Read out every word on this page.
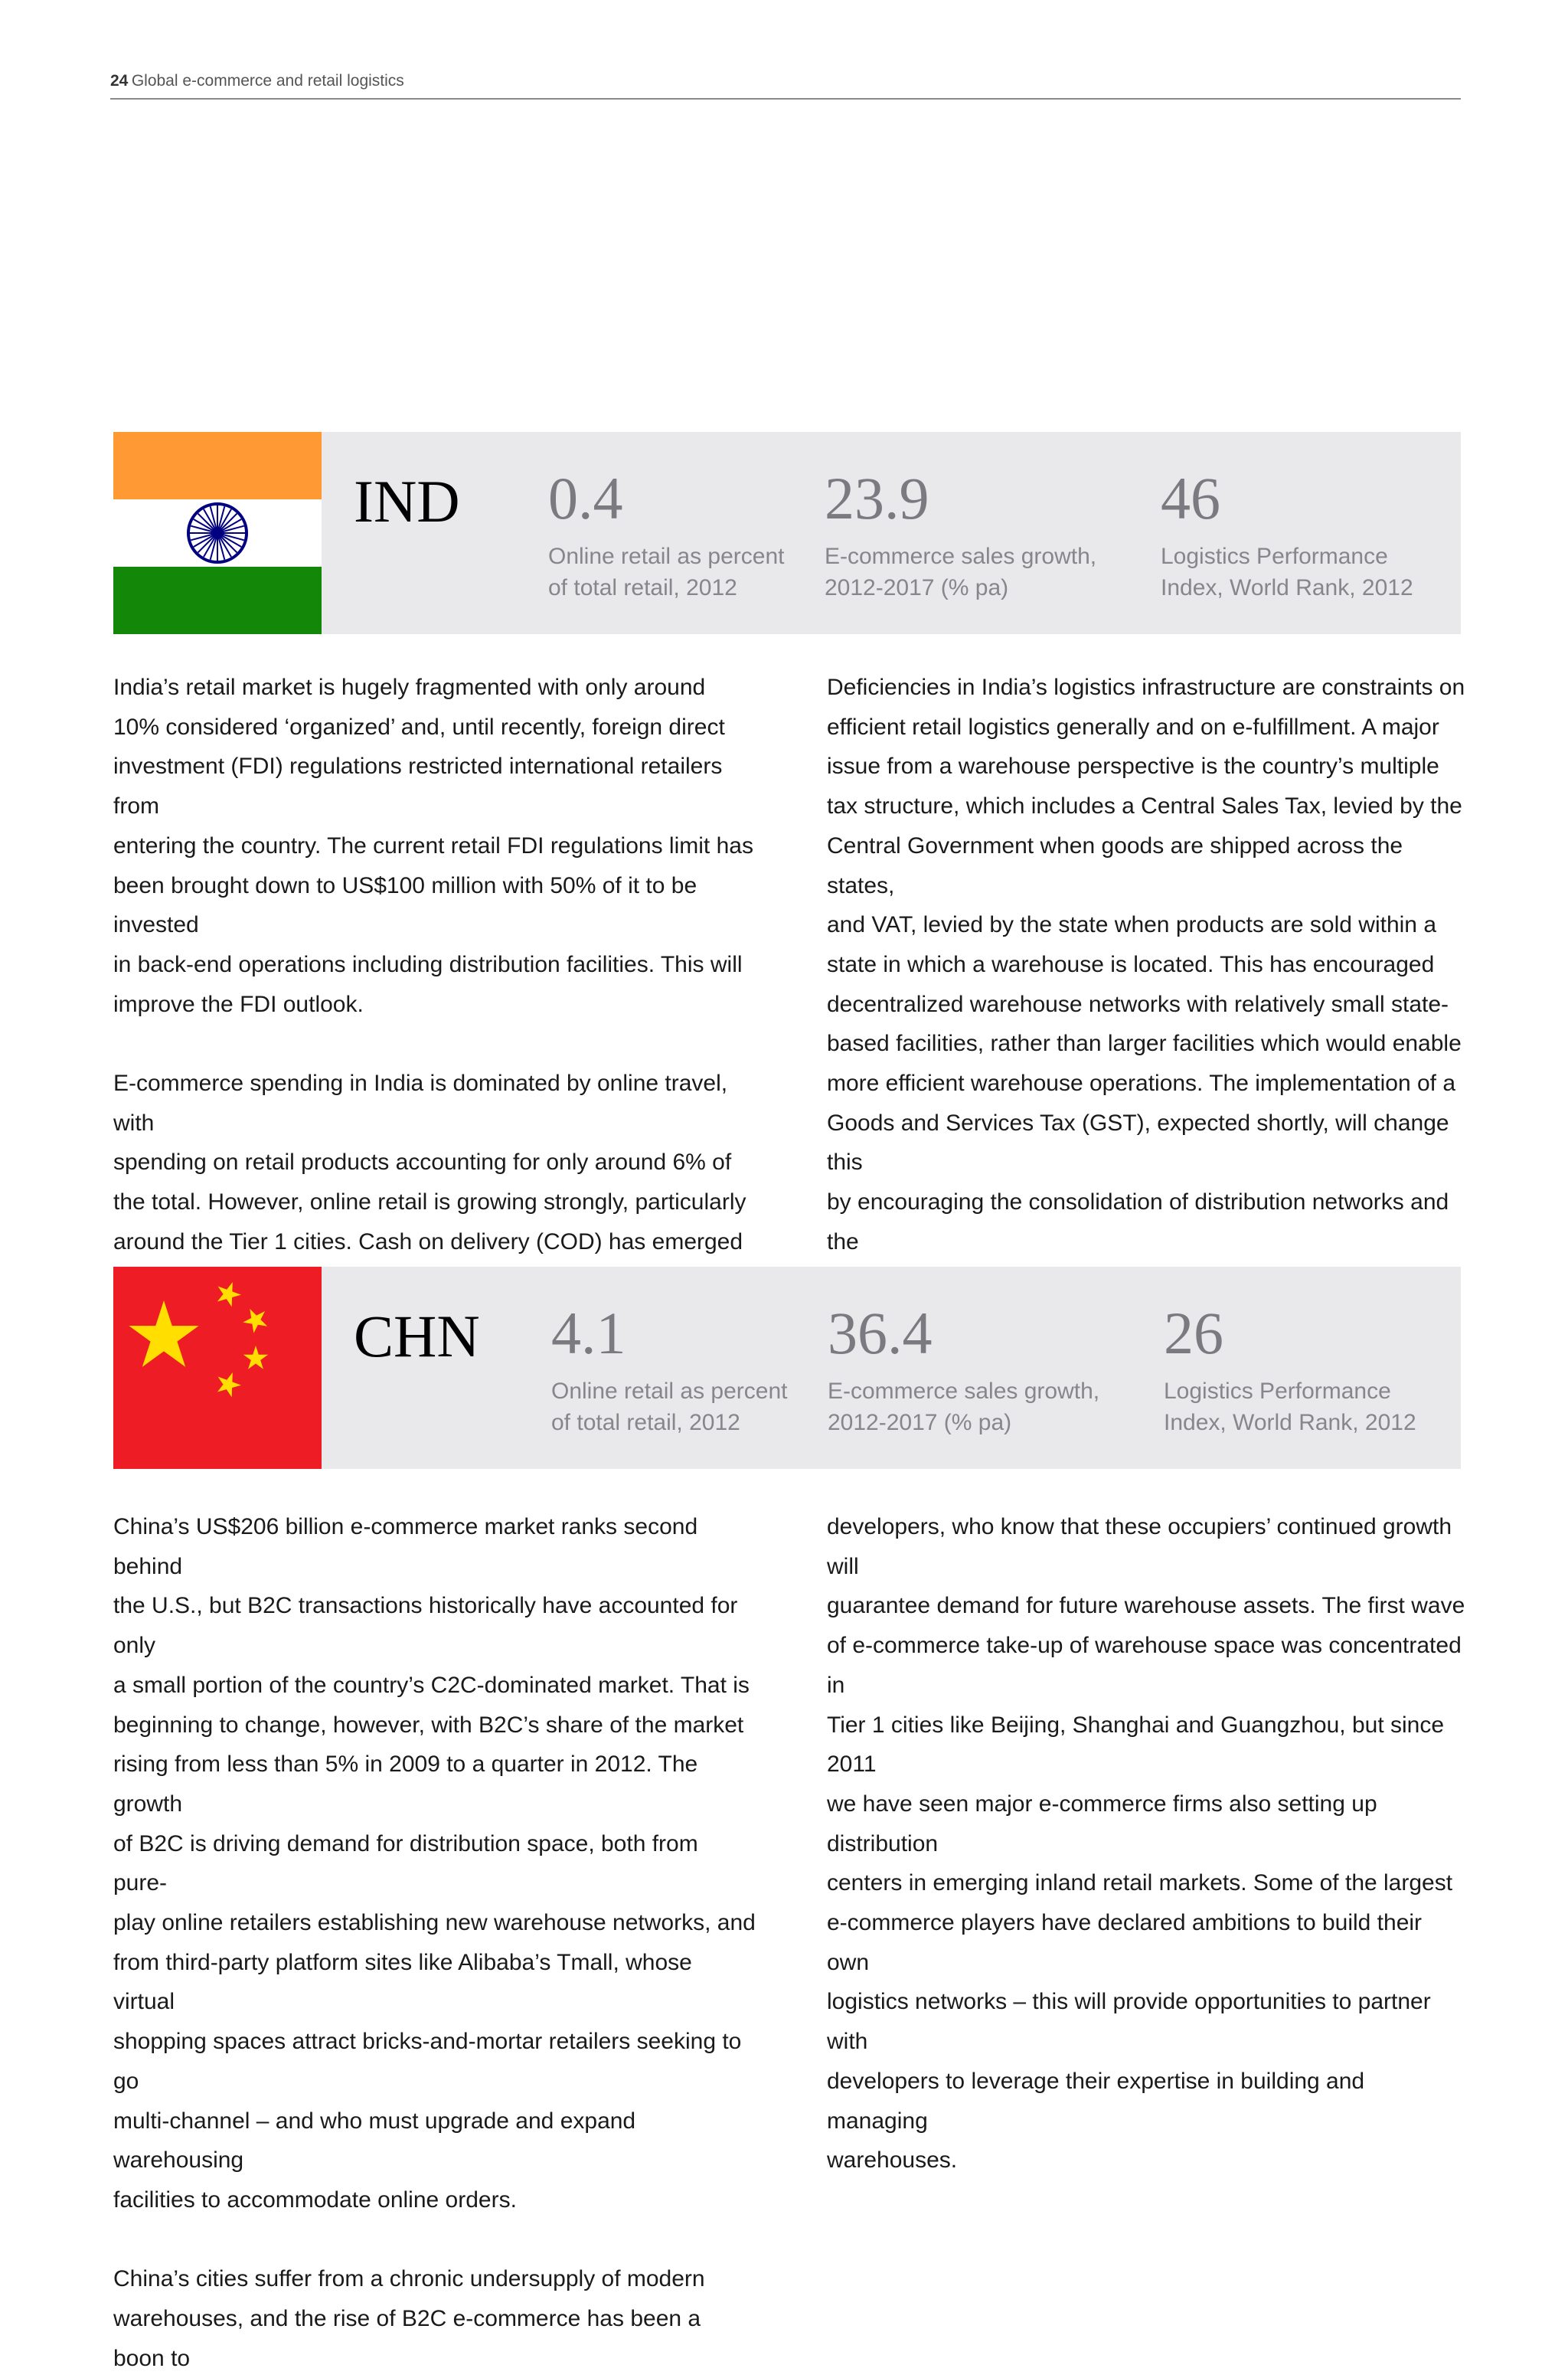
24 Global e-commerce and retail logistics
IND 0.4
Online retail as percent
of total retail, 2012
23.9
E-commerce sales growth,
2012-2017 (% pa)
46
Logistics Performance
Index, World Rank, 2012
India’s retail market is hugely fragmented with only around
10% considered ‘organized’ and, until recently, foreign direct
investment (FDI) regulations restricted international retailers from
entering the country. The current retail FDI regulations limit has
been brought down to US$100 million with 50% of it to be invested
in back-end operations including distribution facilities. This will
improve the FDI outlook.

E-commerce spending in India is dominated by online travel, with
spending on retail products accounting for only around 6% of
the total. However, online retail is growing strongly, particularly
around the Tier 1 cities. Cash on delivery (COD) has emerged

Deficiencies in India’s logistics infrastructure are constraints on
efficient retail logistics generally and on e-fulfillment. A major
issue from a warehouse perspective is the country’s multiple
tax structure, which includes a Central Sales Tax, levied by the
Central Government when goods are shipped across the states,
and VAT, levied by the state when products are sold within a
state in which a warehouse is located. This has encouraged
decentralized warehouse networks with relatively small state-
based facilities, rather than larger facilities which would enable
more efficient warehouse operations. The implementation of a
Goods and Services Tax (GST), expected shortly, will change this
by encouraging the consolidation of distribution networks and the

CHN 4.1
Online retail as percent
of total retail, 2012
36.4
E-commerce sales growth,
2012-2017 (% pa)
26
Logistics Performance
Index, World Rank, 2012
China’s US$206 billion e-commerce market ranks second behind
the U.S., but B2C transactions historically have accounted for only
a small portion of the country’s C2C-dominated market. That is
beginning to change, however, with B2C’s share of the market
rising from less than 5% in 2009 to a quarter in 2012. The growth
of B2C is driving demand for distribution space, both from pure-
play online retailers establishing new warehouse networks, and
from third-party platform sites like Alibaba’s Tmall, whose virtual
shopping spaces attract bricks-and-mortar retailers seeking to go
multi-channel – and who must upgrade and expand warehousing
facilities to accommodate online orders.

China’s cities suffer from a chronic undersupply of modern
warehouses, and the rise of B2C e-commerce has been a boon to
developers, who know that these occupiers’ continued growth will
guarantee demand for future warehouse assets. The first wave
of e-commerce take-up of warehouse space was concentrated in
Tier 1 cities like Beijing, Shanghai and Guangzhou, but since 2011
we have seen major e-commerce firms also setting up distribution
centers in emerging inland retail markets. Some of the largest
e-commerce players have declared ambitions to build their own
logistics networks – this will provide opportunities to partner with
developers to leverage their expertise in building and managing
warehouses.
